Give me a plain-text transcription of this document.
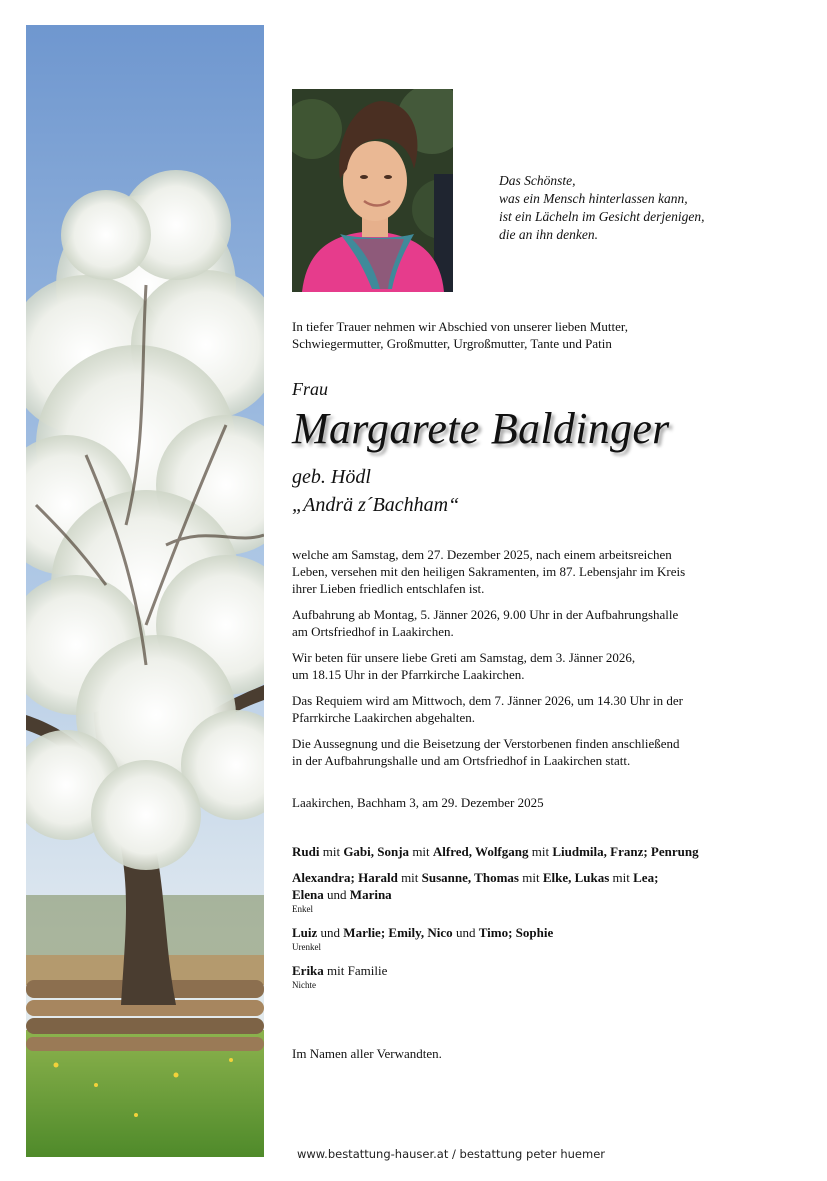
Das Schönste,
was ein Mensch hinterlassen kann,
ist ein Lächeln im Gesicht derjenigen,
die an ihn denken.
In tiefer Trauer nehmen wir Abschied von unserer lieben Mutter,
Schwiegermutter, Großmutter, Urgroßmutter, Tante und Patin
Frau
Margarete Baldinger
geb. Hödl
„Andrä z´Bachham“

welche am Samstag, dem 27. Dezember 2025, nach einem arbeitsreichen
Leben, versehen mit den heiligen Sakramenten, im 87. Lebensjahr im Kreis
ihrer Lieben friedlich entschlafen ist.

Aufbahrung ab Montag, 5. Jänner 2026, 9.00 Uhr in der Aufbahrungshalle
am Ortsfriedhof in Laakirchen.

Wir beten für unsere liebe Greti am Samstag, dem 3. Jänner 2026,
um 18.15 Uhr in der Pfarrkirche Laakirchen.

Das Requiem wird am Mittwoch, dem 7. Jänner 2026, um 14.30 Uhr in der
Pfarrkirche Laakirchen abgehalten.

Die Aussegnung und die Beisetzung der Verstorbenen finden anschließend
in der Aufbahrungshalle und am Ortsfriedhof in Laakirchen statt.

Laakirchen, Bachham 3, am 29. Dezember 2025
Rudi mit Gabi, Sonja mit Alfred, Wolfgang mit Liudmila, Franz; Penrung
Alexandra; Harald mit Susanne, Thomas mit Elke, Lukas mit Lea;
Elena und Marina
Enkel
Luiz und Marlie; Emily, Nico und Timo; Sophie
Urenkel
Erika mit Familie
Nichte
Im Namen aller Verwandten.
www.bestattung-hauser.at / bestattung peter huemer
